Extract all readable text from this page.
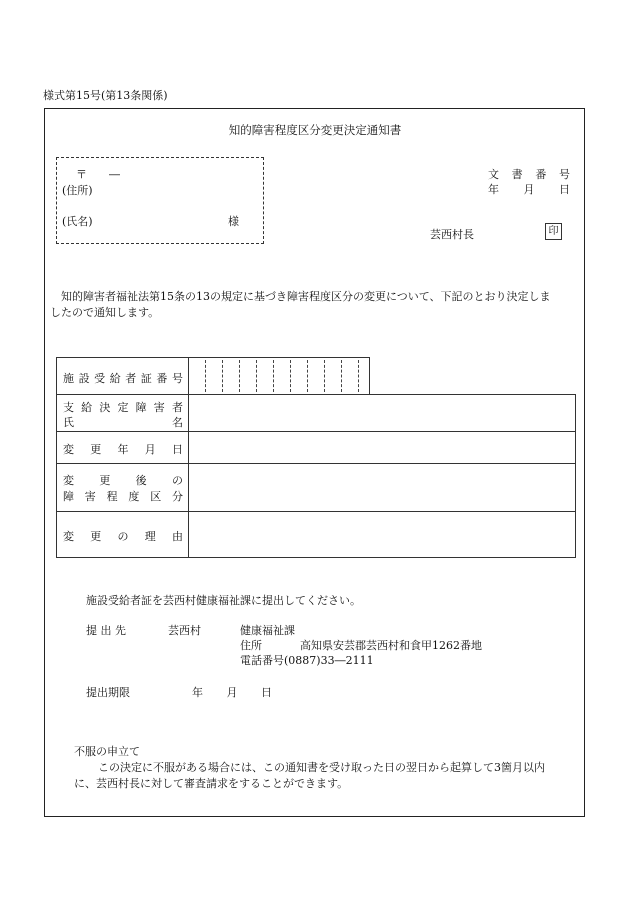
様式第15号(第13条関係)
知的障害程度区分変更決定通知書
〒　　―
(住所)
(氏名)	様
文 書 番 号
年 月 日
芸西村長	印
　知的障害者福祉法第15条の13の規定に基づき障害程度区分の変更について、下記のとおり決定しま
したので通知します。
施 設 受 給 者 証 番 号
支 給 決 定 障 害 者
氏	名
変 更 年 月 日
変 更 後 の
障 害 程 度 区 分
変 更 の 理 由
施設受給者証を芸西村健康福祉課に提出してください。
提 出 先	芸西村	健康福祉課
住所	高知県安芸郡芸西村和食甲1262番地
電話番号(0887)33―2111
提出期限	年 月 日
不服の申立て
この決定に不服がある場合には、この通知書を受け取った日の翌日から起算して3箇月以内
に、芸西村長に対して審査請求をすることができます。
